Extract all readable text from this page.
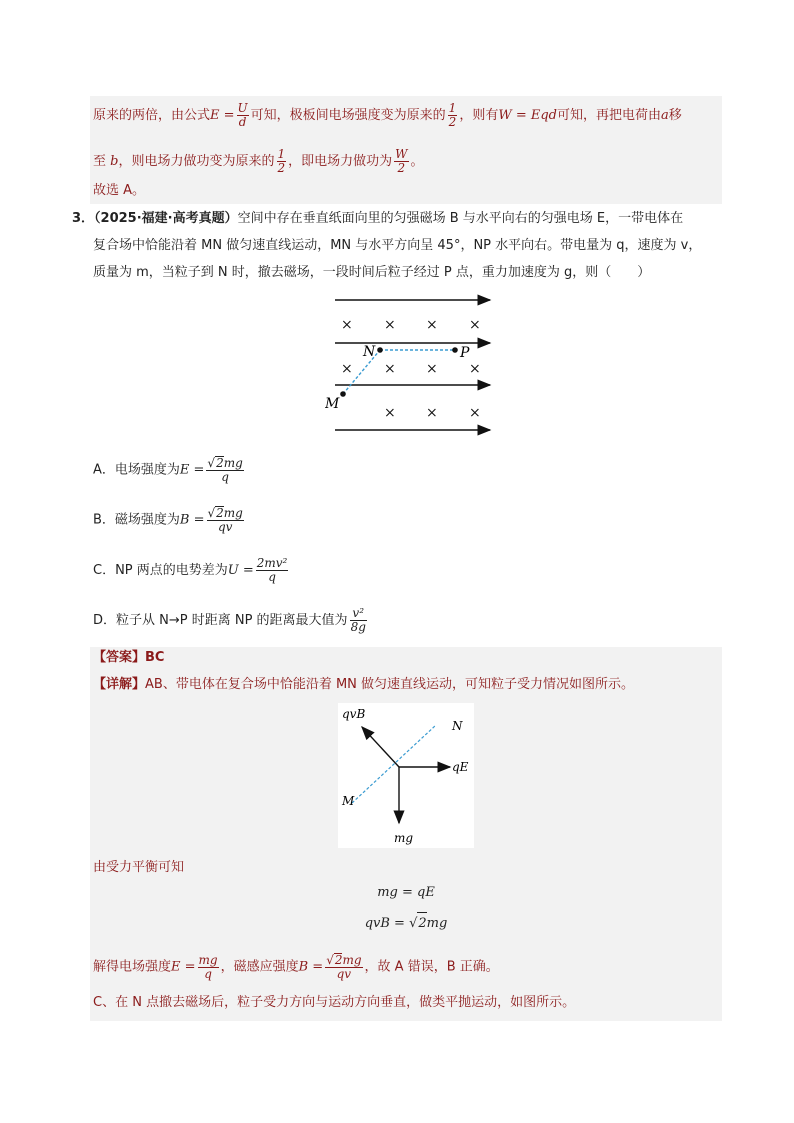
原来的两倍，由公式$E = \frac{U}{d}$ 可知，极板间电场强度变为原来的 $\frac{1}{2}$ ，则有W = Eqd可知，再把电荷由a移
至 b，则电场力做功变为原来的 $\frac{1}{2}$ ，即电场力做功为 $\frac{W}{2}$ 。
故选 A。
3．（2025·福建·高考真题）空间中存在垂直纸面向里的匀强磁场 B 与水平向右的匀强电场 E，一带电体在
复合场中恰能沿着 MN 做匀速直线运动，MN 与水平方向呈 45°，NP 水平向右。带电量为 q，速度为 v，
质量为 m，当粒子到 N 时，撤去磁场，一段时间后粒子经过 P 点，重力加速度为 g，则（　　）
× × × ×
× × × ×
× × ×
N	P
M
A．电场强度为$E = \frac{√2mg}{q}$
B．磁场强度为$B = \frac{√2mg}{qv}$
C．NP 两点的电势差为$U = \frac{\text{2mv²}}{q}$
D．粒子从 N→P 时距离 NP 的距离最大值为 $\frac{\text{v²}}{8g}$
【答案】BC
【详解】AB、带电体在复合场中恰能沿着 MN 做匀速直线运动，可知粒子受力情况如图所示。
qvB
N
qE
M
mg
由受力平衡可知
mg = qE
qvB = √2mg
解得电场强度$E = \frac{mg}{q}$ ，磁感应强度$B = \frac{√2mg}{qv}$ ，故 A 错误，B 正确。
C、在 N 点撤去磁场后，粒子受力方向与运动方向垂直，做类平抛运动，如图所示。
